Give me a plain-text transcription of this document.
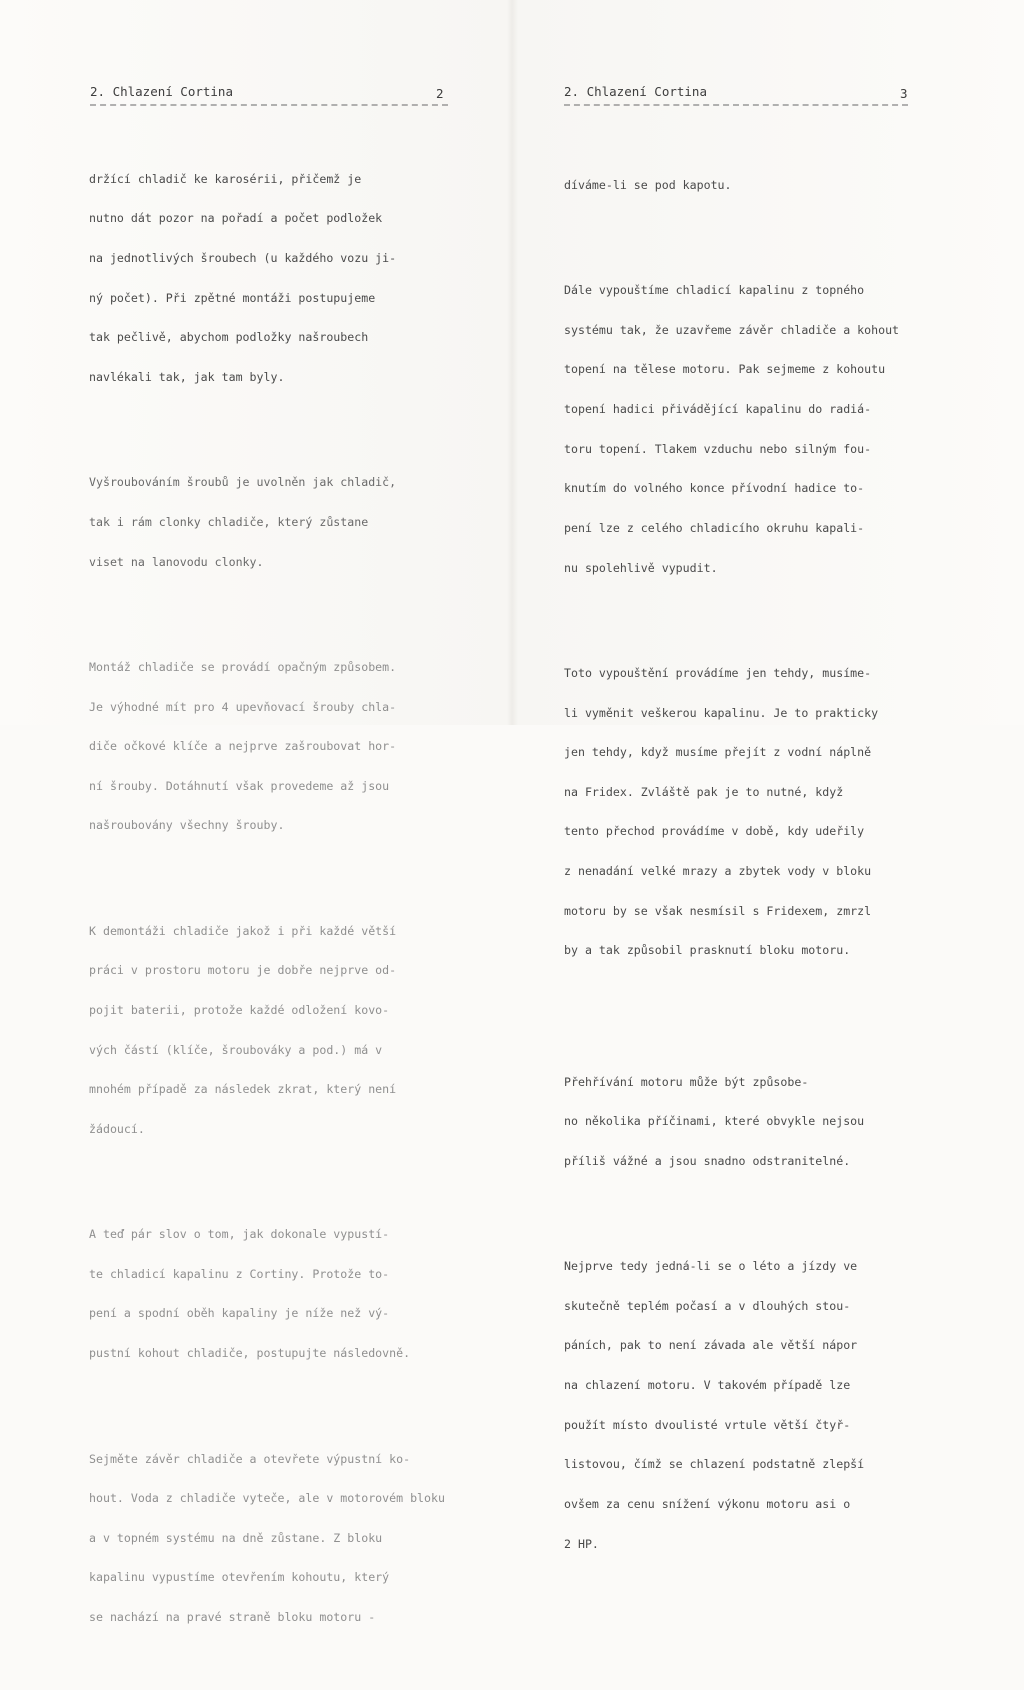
2. Chlazení Cortina	2

držící chladič ke karosérii, přičemž je

nutno dát pozor na pořadí a počet podložek

na jednotlivých šroubech (u každého vozu ji-

ný počet). Při zpětné montáži postupujeme

tak pečlivě, abychom podložky našroubech

navlékali tak, jak tam byly.

Vyšroubováním šroubů je uvolněn jak chladič,

tak i rám clonky chladiče, který zůstane

viset na lanovodu clonky.

Montáž chladiče se provádí opačným způsobem.

Je výhodné mít pro 4 upevňovací šrouby chla-

diče očkové klíče a nejprve zašroubovat hor-

ní šrouby. Dotáhnutí však provedeme až jsou

našroubovány všechny šrouby.

K demontáži chladiče jakož i při každé větší

práci v prostoru motoru je dobře nejprve od-

pojit baterii, protože každé odložení kovo-

vých částí (klíče, šroubováky a pod.) má v

mnohém případě za následek zkrat, který není

žádoucí.

A teď pár slov o tom, jak dokonale vypustí-

te chladicí kapalinu z Cortiny. Protože to-

pení a spodní oběh kapaliny je níže než vý-

pustní kohout chladiče, postupujte následovně.

Sejměte závěr chladiče a otevřete výpustní ko-

hout. Voda z chladiče vyteče, ale v motorovém bloku

a v topném systému na dně zůstane. Z bloku

kapalinu vypustíme otevřením kohoutu, který

se nachází na pravé straně bloku motoru -

2. Chlazení Cortina	3

díváme-li se pod kapotu.

Dále vypouštíme chladicí kapalinu z topného

systému tak, že uzavřeme závěr chladiče a kohout

topení na tělese motoru. Pak sejmeme z kohoutu

topení hadici přivádějící kapalinu do radiá-

toru topení. Tlakem vzduchu nebo silným fou-

knutím do volného konce přívodní hadice to-

pení lze z celého chladicího okruhu kapali-

nu spolehlivě vypudit.

Toto vypouštění provádíme jen tehdy, musíme-

li vyměnit veškerou kapalinu. Je to prakticky

jen tehdy, když musíme přejít z vodní náplně

na Fridex. Zvláště pak je to nutné, když

tento přechod provádíme v době, kdy udeřily

z nenadání velké mrazy a zbytek vody v bloku

motoru by se však nesmísil s Fridexem, zmrzl

by a tak způsobil prasknutí bloku motoru.

Přehřívání motoru může být způsobe-

no několika příčinami, které obvykle nejsou

příliš vážné a jsou snadno odstranitelné.

Nejprve tedy jedná-li se o léto a jízdy ve

skutečně teplém počasí a v dlouhých stou-

páních, pak to není závada ale větší nápor

na chlazení motoru. V takovém případě lze

použít místo dvoulisté vrtule větší čtyř-

listovou, čímž se chlazení podstatně zlepší

ovšem za cenu snížení výkonu motoru asi o

2 HP.
